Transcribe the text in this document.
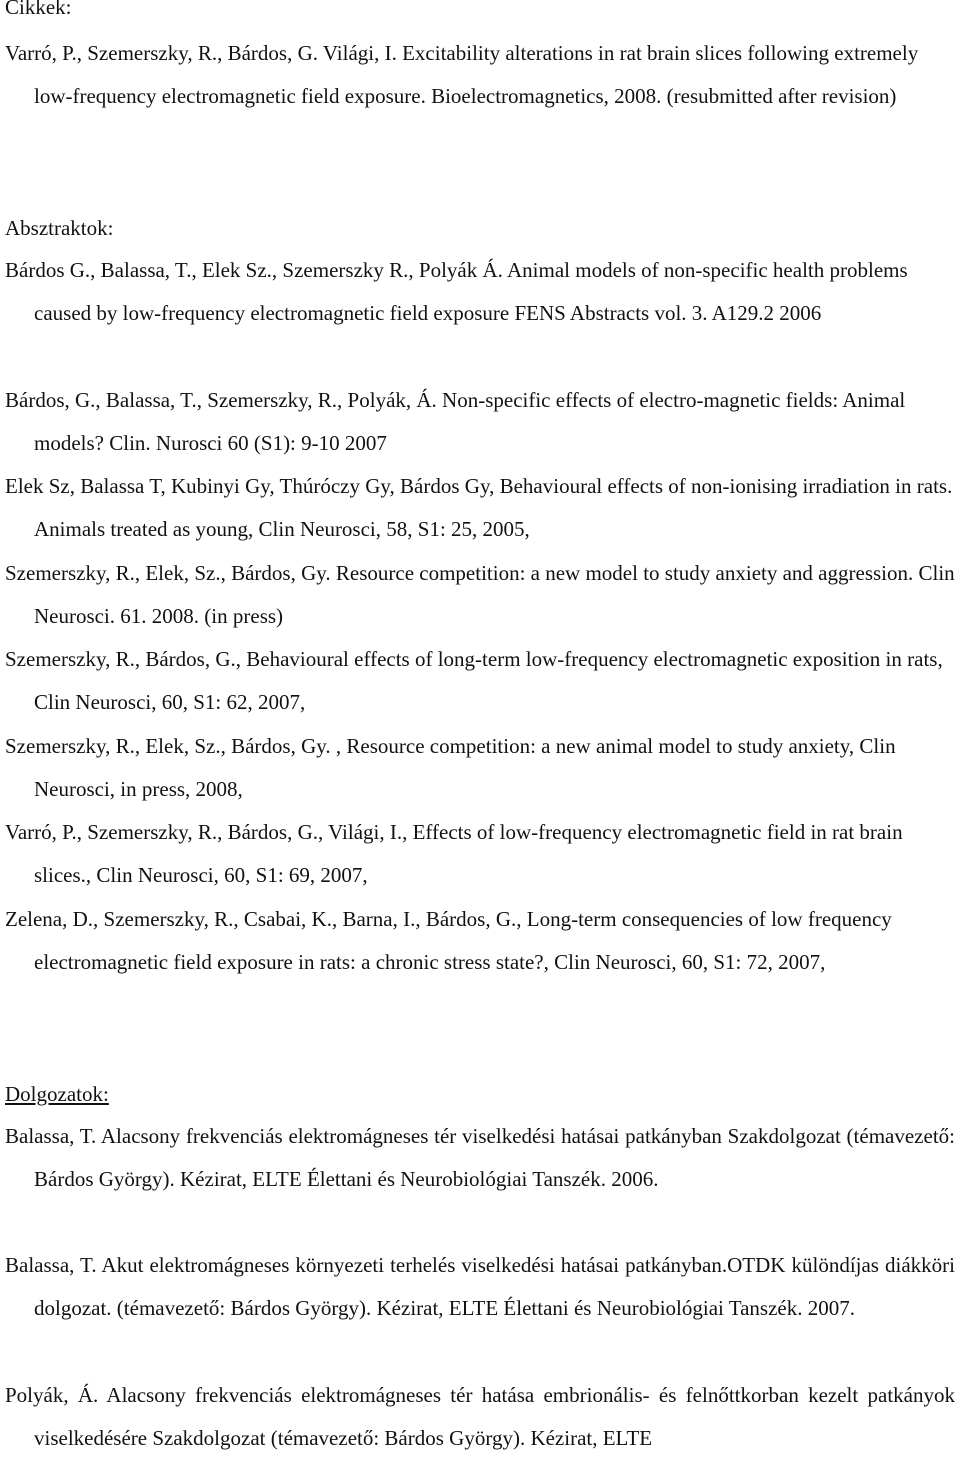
Cikkek:
Varró, P., Szemerszky, R., Bárdos, G. Világi, I. Excitability alterations in rat brain slices following extremely low-frequency electromagnetic field exposure. Bioelectromagnetics, 2008. (resubmitted after revision)
Absztraktok:
Bárdos G., Balassa, T., Elek Sz., Szemerszky R., Polyák Á. Animal models of non-specific health problems caused by low-frequency electromagnetic field exposure FENS Abstracts vol. 3. A129.2 2006
Bárdos, G., Balassa, T., Szemerszky, R., Polyák, Á. Non-specific effects of electro-magnetic fields: Animal models? Clin. Nurosci 60 (S1): 9-10 2007
Elek Sz, Balassa T, Kubinyi Gy, Thúróczy Gy, Bárdos Gy, Behavioural effects of non-ionising irradiation in rats. Animals treated as young, Clin Neurosci, 58, S1: 25, 2005,
Szemerszky, R., Elek, Sz., Bárdos, Gy. Resource competition: a new model to study anxiety and aggression. Clin Neurosci. 61. 2008. (in press)
Szemerszky, R., Bárdos, G., Behavioural effects of long-term low-frequency electromagnetic exposition in rats, Clin Neurosci, 60, S1: 62, 2007,
Szemerszky, R., Elek, Sz., Bárdos, Gy. , Resource competition: a new animal model to study anxiety, Clin Neurosci, in press, 2008,
Varró, P., Szemerszky, R., Bárdos, G., Világi, I., Effects of low-frequency electromagnetic field in rat brain slices., Clin Neurosci, 60, S1: 69, 2007,
Zelena, D., Szemerszky, R., Csabai, K., Barna, I., Bárdos, G., Long-term consequencies of low frequency electromagnetic field exposure in rats: a chronic stress state?, Clin Neurosci, 60, S1: 72, 2007,
Dolgozatok:
Balassa, T. Alacsony frekvenciás elektromágneses tér viselkedési hatásai patkányban Szakdolgozat (témavezető: Bárdos György). Kézirat, ELTE Élettani és Neurobiológiai Tanszék. 2006.
Balassa, T. Akut elektromágneses környezeti terhelés viselkedési hatásai patkányban.OTDK különdíjas diákköri dolgozat. (témavezető: Bárdos György). Kézirat, ELTE Élettani és Neurobiológiai Tanszék. 2007.
Polyák, Á. Alacsony frekvenciás elektromágneses tér hatása embrionális- és felnőttkorban kezelt patkányok viselkedésére Szakdolgozat (témavezető: Bárdos György). Kézirat, ELTE
